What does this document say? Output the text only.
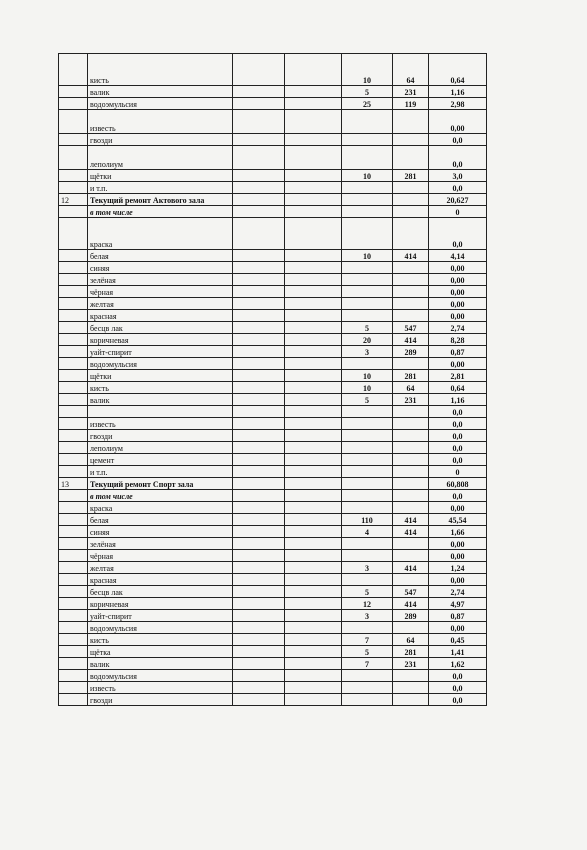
	кисть			10	64	0,64
	валик			5	231	1,16
	водоэмульсия			25	119	2,98
	известь					0,00
	гвозди					0,0
	леполиум					0,0
	щётки			10	281	3,0
	и т.п.					0,0
12	Текущий ремонт Актового зала					20,627
	в том числе					0
	краска					0,0
	белая			10	414	4,14
	синяя					0,00
	зелёная					0,00
	чёрная					0,00
	желтая					0,00
	красная					0,00
	бесцв лак			5	547	2,74
	коричневая			20	414	8,28
	уайт-спирит			3	289	0,87
	водоэмульсия					0,00
	щётки			10	281	2,81
	кисть			10	64	0,64
	валик			5	231	1,16
						0,0
	известь					0,0
	гвозди					0,0
	леполиум					0,0
	цемент					0,0
	и т.п.					0
13	Текущий ремонт Спорт зала					60,808
	в том числе					0,0
	краска					0,00
	белая			110	414	45,54
	синяя			4	414	1,66
	зелёная					0,00
	чёрная					0,00
	желтая			3	414	1,24
	красная					0,00
	бесцв лак			5	547	2,74
	коричневая			12	414	4,97
	уайт-спирит			3	289	0,87
	водоэмульсия					0,00
	кисть			7	64	0,45
	щётка			5	281	1,41
	валик			7	231	1,62
	водоэмульсия					0,0
	известь					0,0
	гвозди					0,0
